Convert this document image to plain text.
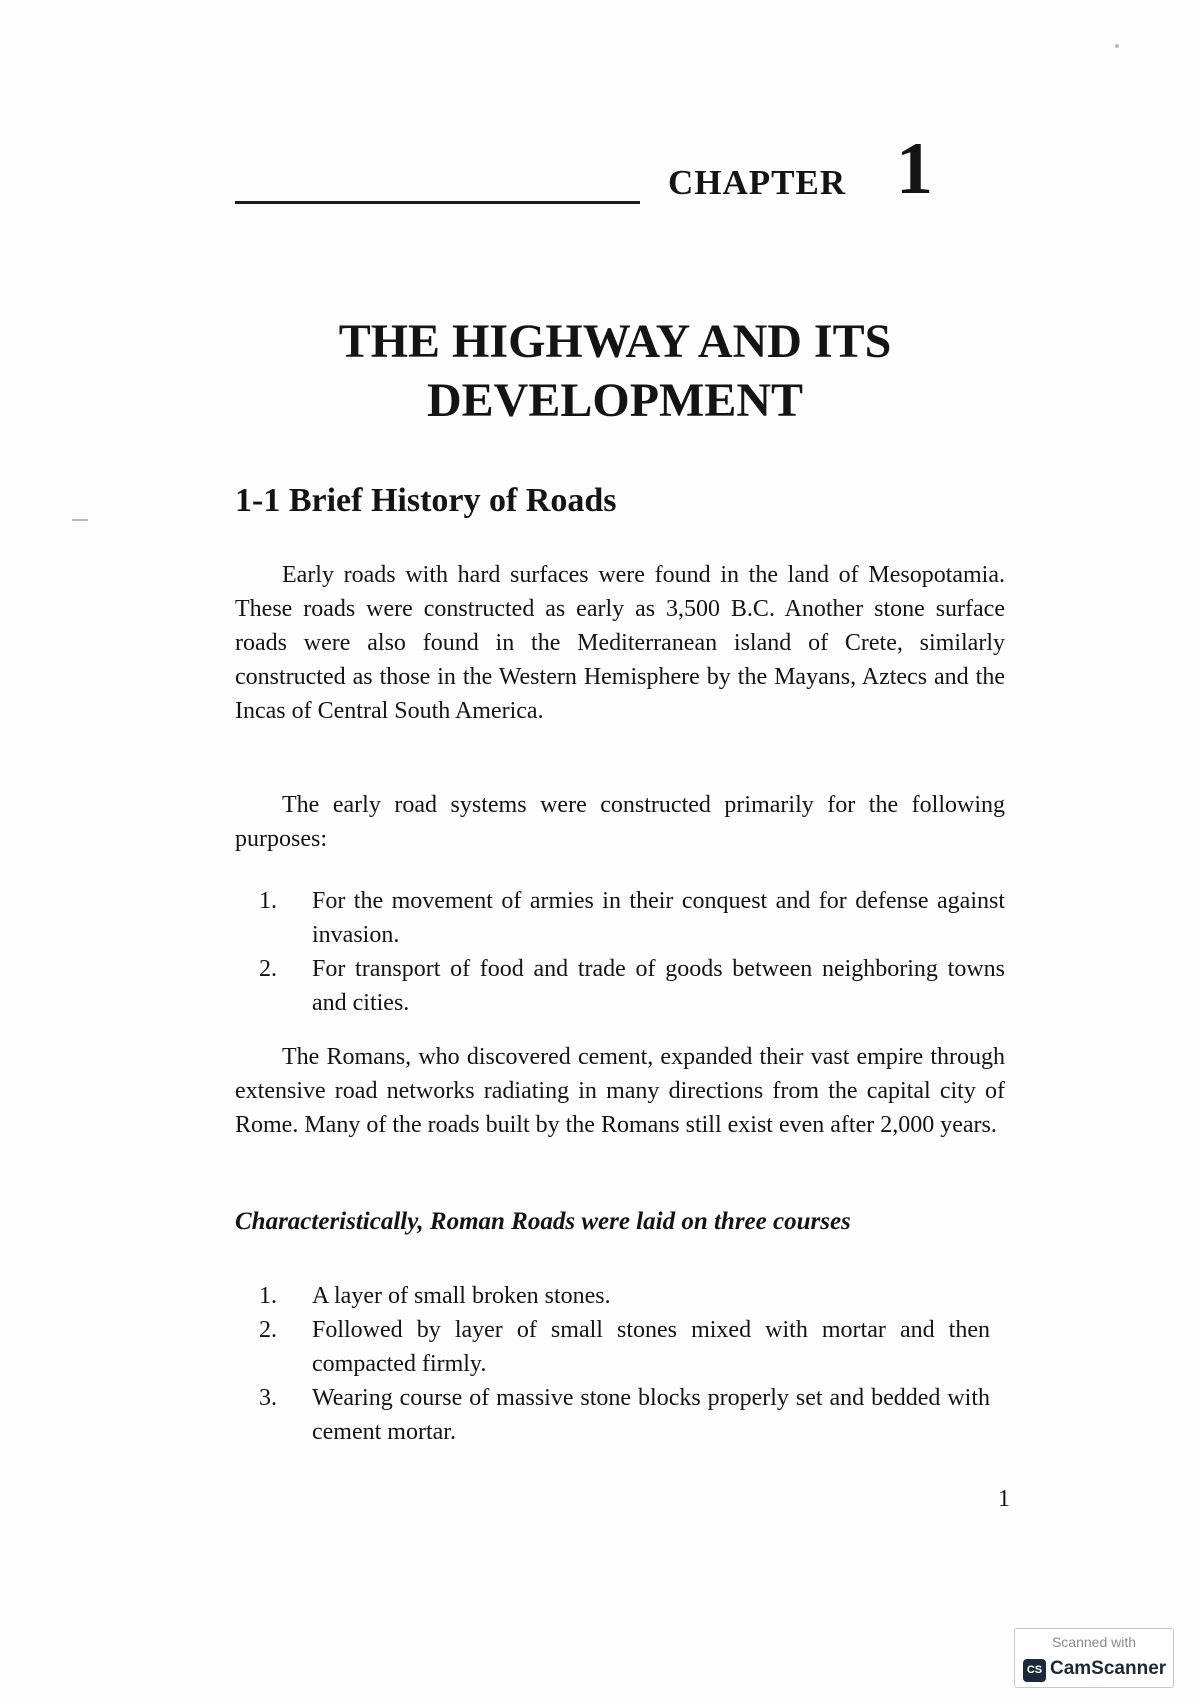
CHAPTER 1
THE HIGHWAY AND ITS
DEVELOPMENT
1-1 Brief History of Roads

Early roads with hard surfaces were found in the land of Mesopotamia. These roads were constructed as early as 3,500 B.C. Another stone surface roads were also found in the Mediterranean island of Crete, similarly constructed as those in the Western Hemisphere by the Mayans, Aztecs and the Incas of Central South America.

The early road systems were constructed primarily for the following purposes:

1. For the movement of armies in their conquest and for defense against invasion.
2. For transport of food and trade of goods between neighboring towns and cities.

The Romans, who discovered cement, expanded their vast empire through extensive road networks radiating in many directions from the capital city of Rome. Many of the roads built by the Romans still exist even after 2,000 years.

Characteristically, Roman Roads were laid on three courses
1. A layer of small broken stones.
2. Followed by layer of small stones mixed with mortar and then compacted firmly.
3. Wearing course of massive stone blocks properly set and bedded with cement mortar.
1
Scanned with
CS CamScanner
